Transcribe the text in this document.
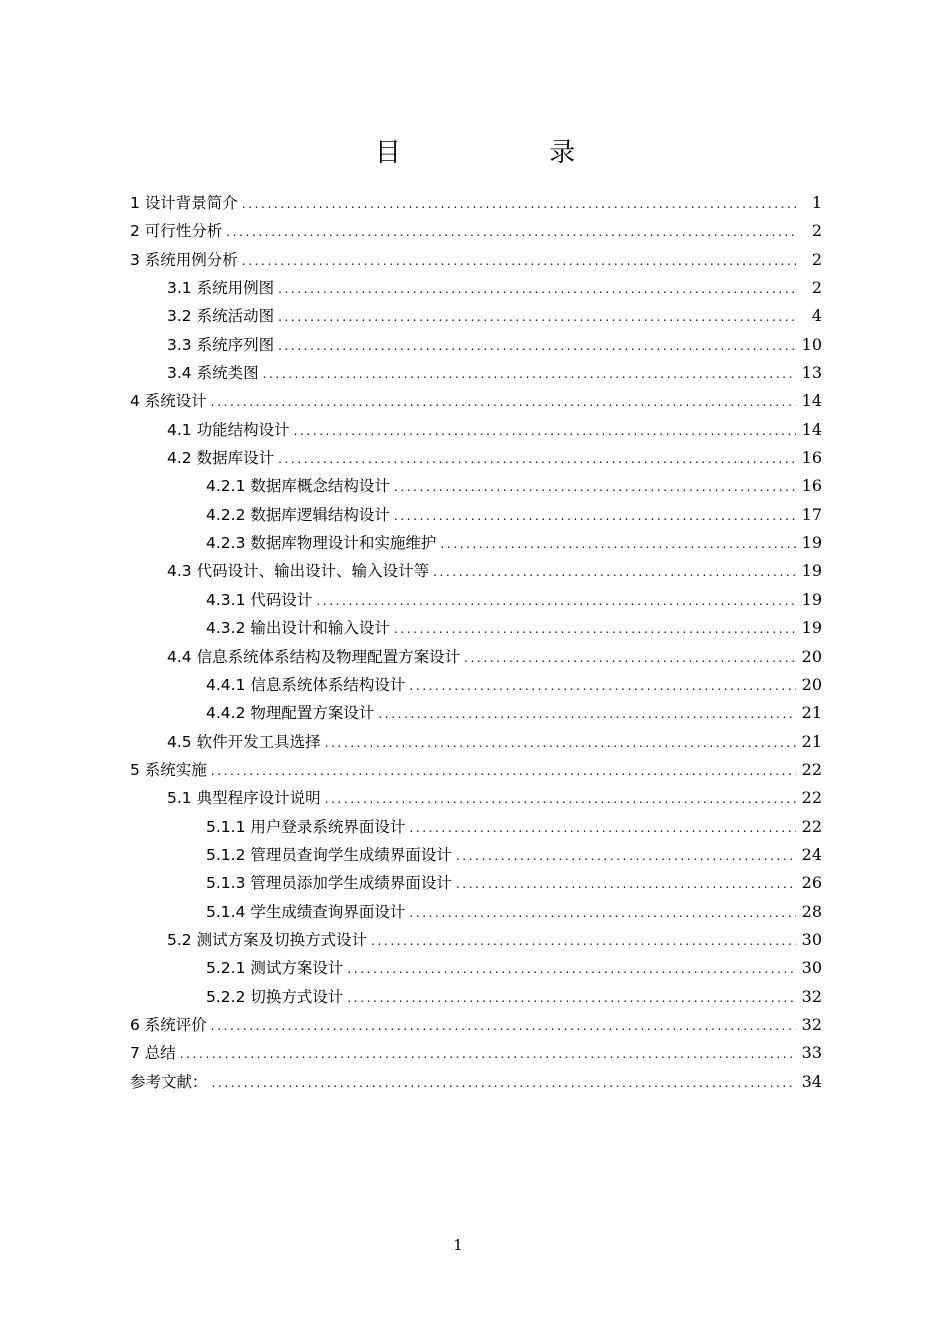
目 录
1 设计背景简介 .....	1
2 可行性分析 .....	2
3 系统用例分析 .....	2
3.1 系统用例图 .....	2
3.2 系统活动图 .....	4
3.3 系统序列图 .....	10
3.4 系统类图 .....	13
4 系统设计 .....	14
4.1 功能结构设计 .....	14
4.2 数据库设计 .....	16
4.2.1 数据库概念结构设计 .....	16
4.2.2 数据库逻辑结构设计 .....	17
4.2.3 数据库物理设计和实施维护 .....	19
4.3 代码设计、输出设计、输入设计等 .....	19
4.3.1 代码设计 .....	19
4.3.2 输出设计和输入设计 .....	19
4.4 信息系统体系结构及物理配置方案设计 .....	20
4.4.1 信息系统体系结构设计 .....	20
4.4.2 物理配置方案设计 .....	21
4.5 软件开发工具选择 .....	21
5 系统实施 .....	22
5.1 典型程序设计说明 .....	22
5.1.1 用户登录系统界面设计 .....	22
5.1.2 管理员查询学生成绩界面设计 .....	24
5.1.3 管理员添加学生成绩界面设计 .....	26
5.1.4 学生成绩查询界面设计 .....	28
5.2 测试方案及切换方式设计 .....	30
5.2.1 测试方案设计 .....	30
5.2.2 切换方式设计 .....	32
6 系统评价 .....	32
7 总结 .....	33
参考文献： .....	34
1
